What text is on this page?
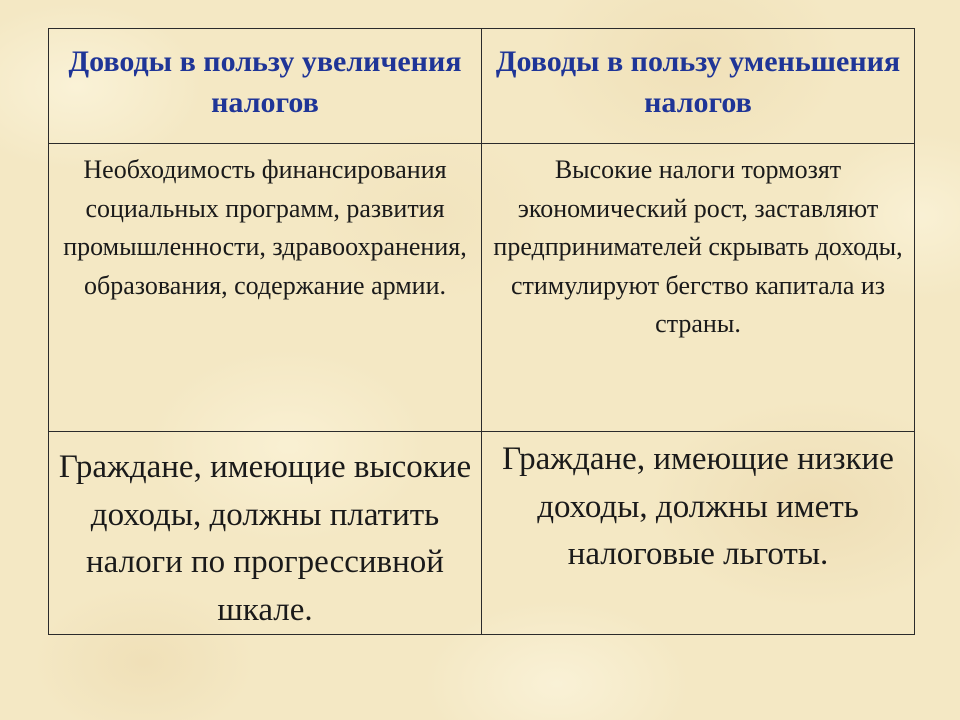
Доводы в пользу увеличения налогов	Доводы в пользу уменьшения налогов

Необходимость финансирования социальных программ, развития промышленности, здравоохранения, образования, содержание армии.	Высокие налоги тормозят экономический рост, заставляют предпринимателей скрывать доходы, стимулируют бегство капитала из страны.

Граждане, имеющие высокие доходы, должны платить налоги по прогрессивной шкале.	Граждане, имеющие низкие доходы, должны иметь налоговые льготы.
